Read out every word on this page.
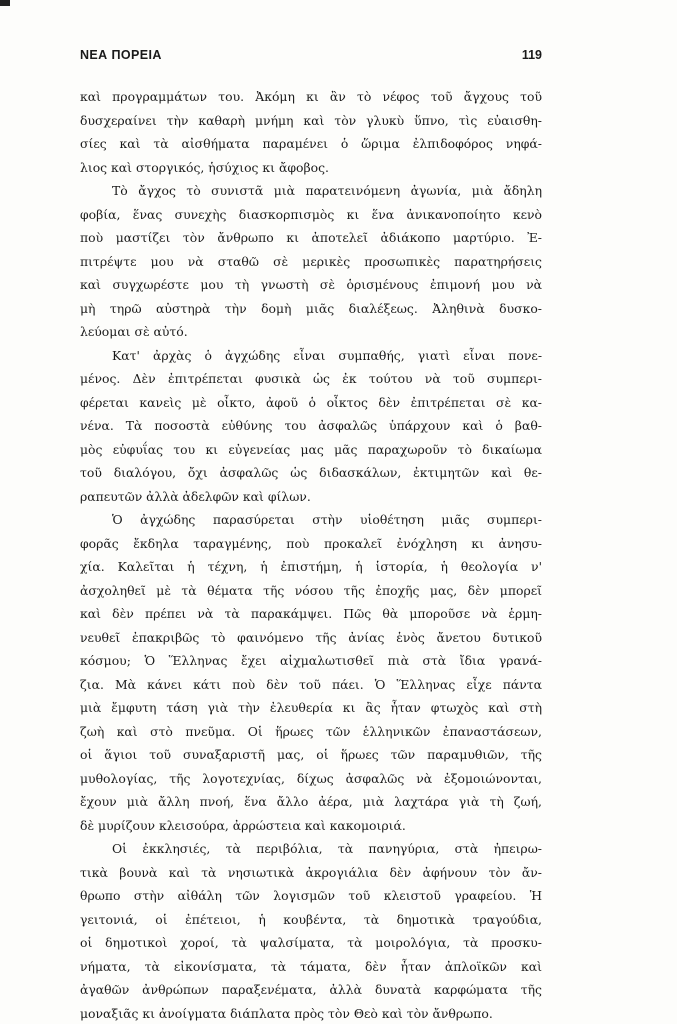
ΝΕΑ ΠΟΡΕΙΑ	119
καὶ προγραμμάτων του. Ἀκόμη κι ἂν τὸ νέφος τοῦ ἄγχους τοῦ
δυσχεραίνει τὴν καθαρὴ μνήμη καὶ τὸν γλυκὺ ὕπνο, τὶς εὐαισθη-
σίες καὶ τὰ αἰσθήματα παραμένει ὁ ὥριμα ἐλπιδοφόρος νηφά-
λιος καὶ στοργικός, ἡσύχιος κι ἄφοβος.
Τὸ ἄγχος τὸ συνιστᾶ μιὰ παρατεινόμενη ἀγωνία, μιὰ ἄδηλη
φοβία, ἕνας συνεχὴς διασκορπισμὸς κι ἕνα ἀνικανοποίητο κενὸ
ποὺ μαστίζει τὸν ἄνθρωπο κι ἀποτελεῖ ἀδιάκοπο μαρτύριο. Ἐ-
πιτρέψτε μου νὰ σταθῶ σὲ μερικὲς προσωπικὲς παρατηρήσεις
καὶ συγχωρέστε μου τὴ γνωστὴ σὲ ὁρισμένους ἐπιμονή μου νὰ
μὴ τηρῶ αὐστηρὰ τὴν δομὴ μιᾶς διαλέξεως. Ἀληθινὰ δυσκο-
λεύομαι σὲ αὐτό.
Κατ' ἀρχὰς ὁ ἀγχώδης εἶναι συμπαθής, γιατὶ εἶναι πονε-
μένος. Δὲν ἐπιτρέπεται φυσικὰ ὡς ἐκ τούτου νὰ τοῦ συμπερι-
φέρεται κανεὶς μὲ οἶκτο, ἀφοῦ ὁ οἶκτος δὲν ἐπιτρέπεται σὲ κα-
νένα. Τὰ ποσοστὰ εὐθύνης του ἀσφαλῶς ὑπάρχουν καὶ ὁ βαθ-
μὸς εὐφυΐας του κι εὐγενείας μας μᾶς παραχωροῦν τὸ δικαίωμα
τοῦ διαλόγου, ὄχι ἀσφαλῶς ὡς διδασκάλων, ἐκτιμητῶν καὶ θε-
ραπευτῶν ἀλλὰ ἀδελφῶν καὶ φίλων.
Ὁ ἀγχώδης παρασύρεται στὴν υἱοθέτηση μιᾶς συμπερι-
φορᾶς ἔκδηλα ταραγμένης, ποὺ προκαλεῖ ἐνόχληση κι ἀνησυ-
χία. Καλεῖται ἡ τέχνη, ἡ ἐπιστήμη, ἡ ἱστορία, ἡ θεολογία ν'
ἀσχοληθεῖ μὲ τὰ θέματα τῆς νόσου τῆς ἐποχῆς μας, δὲν μπορεῖ
καὶ δὲν πρέπει νὰ τὰ παρακάμψει. Πῶς θὰ μποροῦσε νὰ ἑρμη-
νευθεῖ ἐπακριβῶς τὸ φαινόμενο τῆς ἀνίας ἑνὸς ἄνετου δυτικοῦ
κόσμου; Ὁ Ἕλληνας ἔχει αἰχμαλωτισθεῖ πιὰ στὰ ἴδια γρανά-
ζια. Μὰ κάνει κάτι ποὺ δὲν τοῦ πάει. Ὁ Ἕλληνας εἶχε πάντα
μιὰ ἔμφυτη τάση γιὰ τὴν ἐλευθερία κι ἂς ἦταν φτωχὸς καὶ στὴ
ζωὴ καὶ στὸ πνεῦμα. Οἱ ἥρωες τῶν ἑλληνικῶν ἐπαναστάσεων,
οἱ ἅγιοι τοῦ συναξαριστῆ μας, οἱ ἥρωες τῶν παραμυθιῶν, τῆς
μυθολογίας, τῆς λογοτεχνίας, δίχως ἀσφαλῶς νὰ ἐξομοιώνονται,
ἔχουν μιὰ ἄλλη πνοή, ἕνα ἄλλο ἀέρα, μιὰ λαχτάρα γιὰ τὴ ζωή,
δὲ μυρίζουν κλεισούρα, ἀρρώστεια καὶ κακομοιριά.
Οἱ ἐκκλησιές, τὰ περιβόλια, τὰ πανηγύρια, στὰ ἠπειρω-
τικὰ βουνὰ καὶ τὰ νησιωτικὰ ἀκρογιάλια δὲν ἀφήνουν τὸν ἄν-
θρωπο στὴν αἰθάλη τῶν λογισμῶν τοῦ κλειστοῦ γραφείου. Ἡ
γειτονιά, οἱ ἐπέτειοι, ἡ κουβέντα, τὰ δημοτικὰ τραγούδια,
οἱ δημοτικοὶ χοροί, τὰ ψαλσίματα, τὰ μοιρολόγια, τὰ προσκυ-
νήματα, τὰ εἰκονίσματα, τὰ τάματα, δὲν ἦταν ἀπλοϊκῶν καὶ
ἀγαθῶν ἀνθρώπων παραξενέματα, ἀλλὰ δυνατὰ καρφώματα τῆς
μοναξιᾶς κι ἀνοίγματα διάπλατα πρὸς τὸν Θεὸ καὶ τὸν ἄνθρωπο.
